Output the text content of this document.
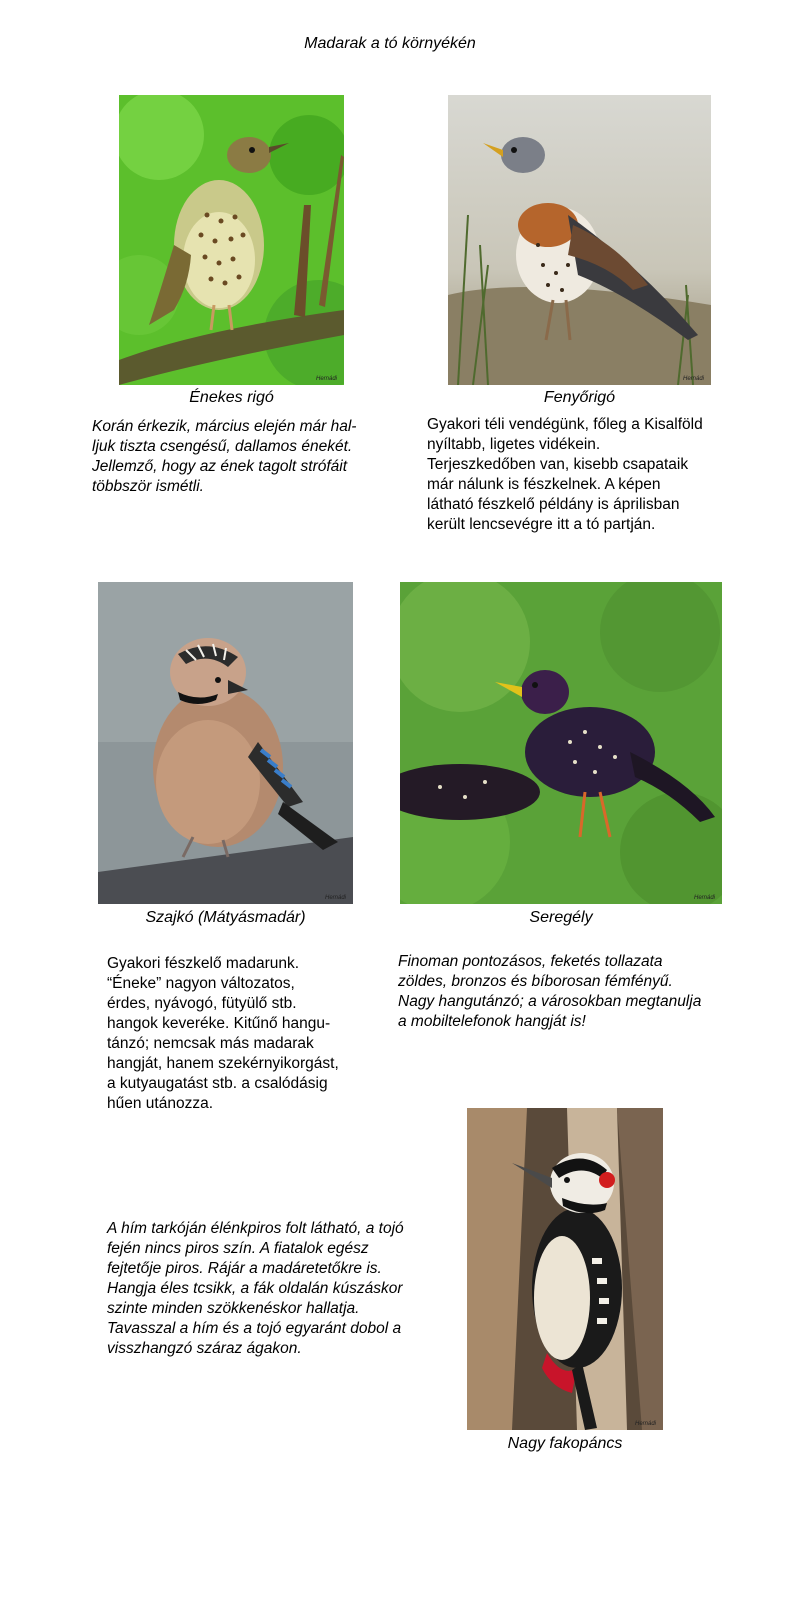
Madarak a tó környékén
Hernádi	Hernádi
Énekes rigó	Fenyőrigó
Korán érkezik, március elején már hal-
ljuk tiszta csengésű, dallamos énekét.
Jellemző, hogy az ének tagolt strófáit
többször ismétli.
Gyakori téli vendégünk, főleg a Kisalföld
nyíltabb, ligetes vidékein.
Terjeszkedőben van, kisebb csapataik
már nálunk is fészkelnek. A képen
látható fészkelő példány is áprilisban
került lencsevégre itt a tó partján.
Hernádi	Hernádi
Szajkó (Mátyásmadár)	Seregély
Gyakori fészkelő madarunk.
“Éneke” nagyon változatos,
érdes, nyávogó, fütyülő stb.
hangok keveréke. Kitűnő hangu-
tánzó; nemcsak más madarak
hangját, hanem szekérnyikorgást,
a kutyaugatást stb. a csalódásig
hűen utánozza.
Finoman pontozásos, feketés tollazata
zöldes, bronzos és bíborosan fémfényű.
Nagy hangutánzó; a városokban megtanulja
a mobiltelefonok hangját is!
Hernádi
A hím tarkóján élénkpiros folt látható, a tojó
fején nincs piros szín. A fiatalok egész
fejtetője piros. Rájár a madáretetőkre is.
Hangja éles tcsikk, a fák oldalán kúszáskor
szinte minden szökkenéskor hallatja.
Tavasszal a hím és a tojó egyaránt dobol a
visszhangzó száraz ágakon.
Nagy fakopáncs
